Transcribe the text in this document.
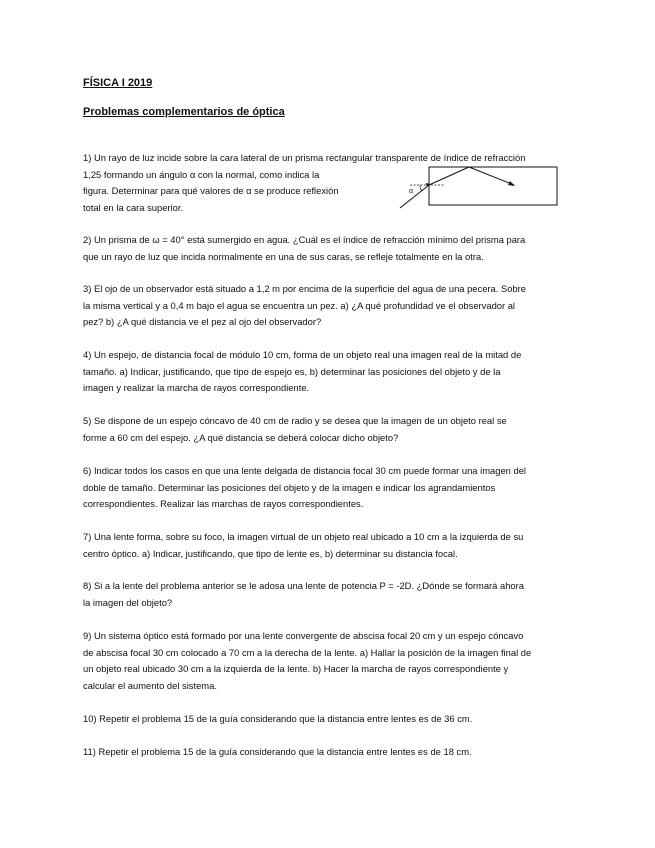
FÍSICA I 2019
Problemas complementarios de óptica
1) Un rayo de luz incide sobre la cara lateral de un prisma rectangular transparente de índice de refracción
1,25 formando un ángulo α con la normal, como indica la
figura. Determinar para qué valores de α se produce reflexión
total en la cara superior.
α
2) Un prisma de ω = 40° está sumergido en agua. ¿Cuál es el índice de refracción mínimo del prisma para
que un rayo de luz que incida normalmente en una de sus caras, se refleje totalmente en la otra.
3) El ojo de un observador está situado a 1,2 m por encima de la superficie del agua de una pecera. Sobre
la misma vertical y a 0,4 m bajo el agua se encuentra un pez. a) ¿A qué profundidad ve el observador al
pez? b) ¿A qué distancia ve el pez al ojo del observador?
4) Un espejo, de distancia focal de módulo 10 cm, forma de un objeto real una imagen real de la mitad de
tamaño. a) Indicar, justificando, que tipo de espejo es, b) determinar las posiciones del objeto y de la
imagen y realizar la marcha de rayos correspondiente.
5) Se dispone de un espejo cóncavo de 40 cm de radio y se desea que la imagen de un objeto real se
forme a 60 cm del espejo. ¿A qué distancia se deberá colocar dicho objeto?
6) Indicar todos los casos en que una lente delgada de distancia focal 30 cm puede formar una imagen del
doble de tamaño. Determinar las posiciones del objeto y de la imagen e indicar los agrandamientos
correspondientes. Realizar las marchas de rayos correspondientes.
7) Una lente forma, sobre su foco, la imagen virtual de un objeto real ubicado a 10 cm a la izquierda de su
centro óptico. a) Indicar, justificando, que tipo de lente es, b) determinar su distancia focal.
8) Si a la lente del problema anterior se le adosa una lente de potencia P = -2D. ¿Dónde se formará ahora
la imagen del objeto?
9) Un sistema óptico está formado por una lente convergente de abscisa focal 20 cm y un espejo cóncavo
de abscisa focal 30 cm colocado a 70 cm a la derecha de la lente. a) Hallar la posición de la imagen final de
un objeto real ubicado 30 cm a la izquierda de la lente. b) Hacer la marcha de rayos correspondiente y
calcular el aumento del sistema.
10) Repetir el problema 15 de la guía considerando que la distancia entre lentes es de 36 cm.
11) Repetir el problema 15 de la guía considerando que la distancia entre lentes es de 18 cm.
